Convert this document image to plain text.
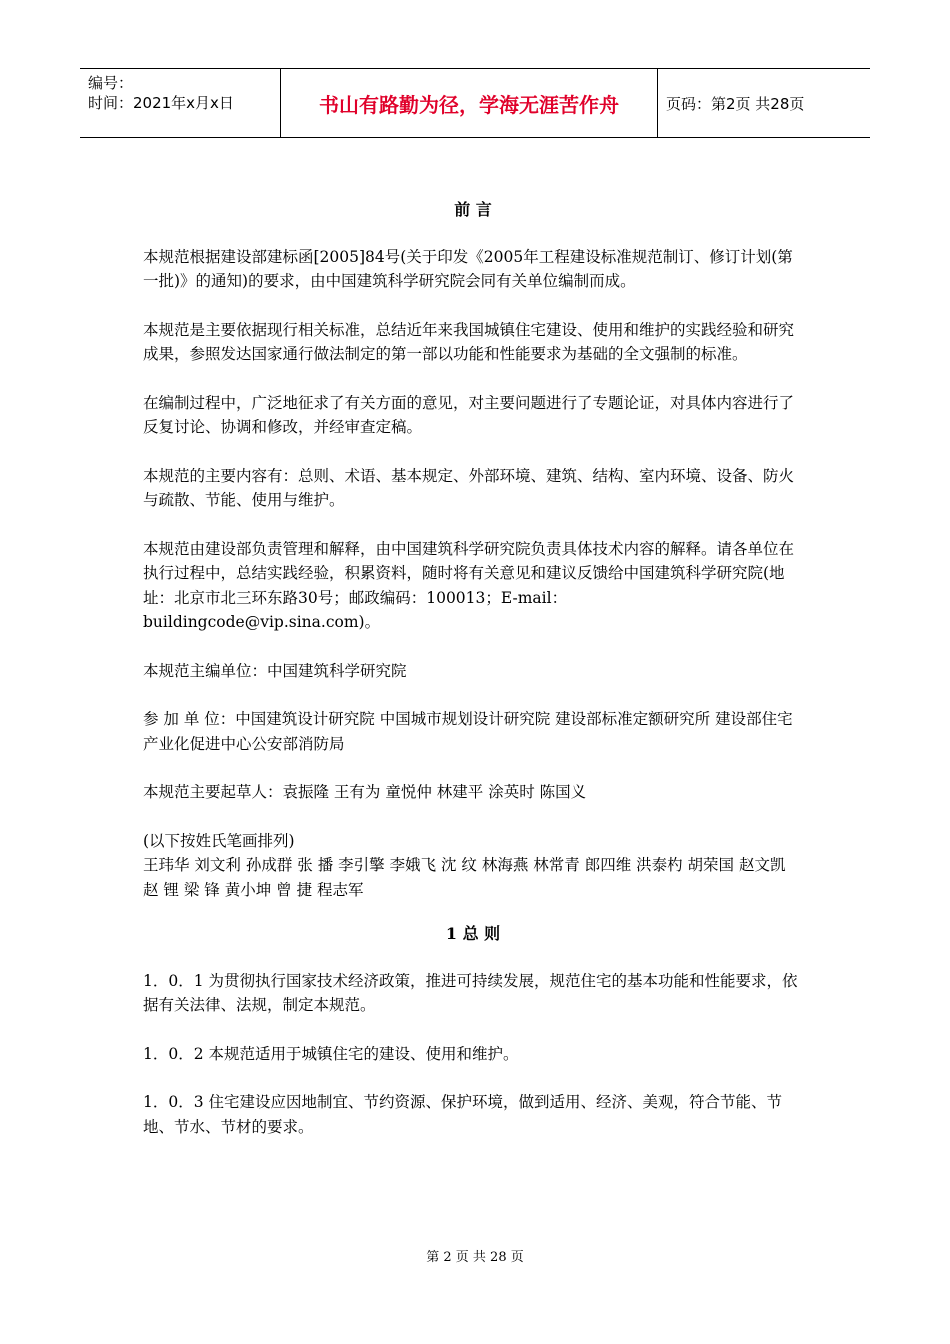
编号：
时间：2021年x月x日	书山有路勤为径，学海无涯苦作舟	页码：第2页 共28页
前 言

本规范根据建设部建标函[2005]84号(关于印发《2005年工程建设标准规范制订、修订计划(第一批)》的通知)的要求，由中国建筑科学研究院会同有关单位编制而成。

本规范是主要依据现行相关标准，总结近年来我国城镇住宅建设、使用和维护的实践经验和研究成果，参照发达国家通行做法制定的第一部以功能和性能要求为基础的全文强制的标准。

在编制过程中，广泛地征求了有关方面的意见，对主要问题进行了专题论证，对具体内容进行了反复讨论、协调和修改，并经审查定稿。

本规范的主要内容有：总则、术语、基本规定、外部环境、建筑、结构、室内环境、设备、防火与疏散、节能、使用与维护。

本规范由建设部负责管理和解释，由中国建筑科学研究院负责具体技术内容的解释。请各单位在执行过程中，总结实践经验，积累资料，随时将有关意见和建议反馈给中国建筑科学研究院(地址：北京市北三环东路30号；邮政编码：100013；E-mail：buildingcode@vip.sina.com)。

本规范主编单位：中国建筑科学研究院

参 加 单 位：中国建筑设计研究院 中国城市规划设计研究院 建设部标准定额研究所 建设部住宅产业化促进中心公安部消防局

本规范主要起草人：袁振隆 王有为 童悦仲 林建平 涂英时 陈国义

(以下按姓氏笔画排列)
王玮华 刘文利 孙成群 张 播 李引擎 李娥飞 沈 纹 林海燕 林常青 郎四维 洪泰杓 胡荣国 赵文凯 赵 锂 梁 锋 黄小坤 曾 捷 程志军

1 总 则

1．0．1 为贯彻执行国家技术经济政策，推进可持续发展，规范住宅的基本功能和性能要求，依据有关法律、法规，制定本规范。

1．0．2 本规范适用于城镇住宅的建设、使用和维护。

1．0．3 住宅建设应因地制宜、节约资源、保护环境，做到适用、经济、美观，符合节能、节地、节水、节材的要求。

第 2 页 共 28 页
